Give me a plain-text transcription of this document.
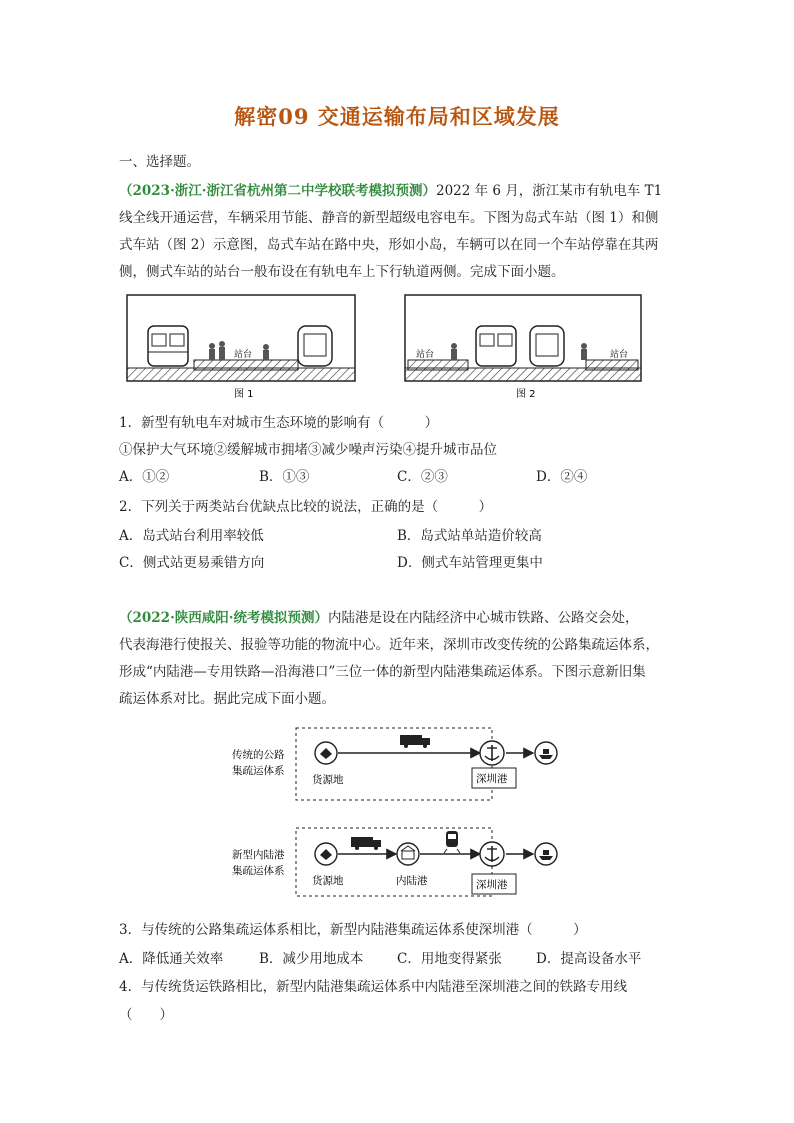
解密09 交通运输布局和区域发展
一、选择题。
（2023·浙江·浙江省杭州第二中学校联考模拟预测）2022 年 6 月，浙江某市有轨电车 T1
线全线开通运营，车辆采用节能、静音的新型超级电容电车。下图为岛式车站（图 1）和侧
式车站（图 2）示意图，岛式车站在路中央，形如小岛，车辆可以在同一个车站停靠在其两
侧，侧式车站的站台一般布设在有轨电车上下行轨道两侧。完成下面小题。
站台
图 1
站台	站台
图 2
1．新型有轨电车对城市生态环境的影响有（　　　）
①保护大气环境②缓解城市拥堵③减少噪声污染④提升城市品位
A．①②	B．①③	C．②③	D．②④
2．下列关于两类站台优缺点比较的说法，正确的是（　　　）
A．岛式站台利用率较低	B．岛式站单站造价较高
C．侧式站更易乘错方向	D．侧式车站管理更集中
（2022·陕西咸阳·统考模拟预测）内陆港是设在内陆经济中心城市铁路、公路交会处，
代表海港行使报关、报验等功能的物流中心。近年来，深圳市改变传统的公路集疏运体系，
形成“内陆港—专用铁路—沿海港口”三位一体的新型内陆港集疏运体系。下图示意新旧集
疏运体系对比。据此完成下面小题。
传统的公路
集疏运体系
货源地	深圳港
新型内陆港
集疏运体系
货源地	内陆港	深圳港
3．与传统的公路集疏运体系相比，新型内陆港集疏运体系使深圳港（　　　）
A．降低通关效率	B．减少用地成本 C．用地变得紧张	D．提高设备水平
4．与传统货运铁路相比，新型内陆港集疏运体系中内陆港至深圳港之间的铁路专用线
（　　）
